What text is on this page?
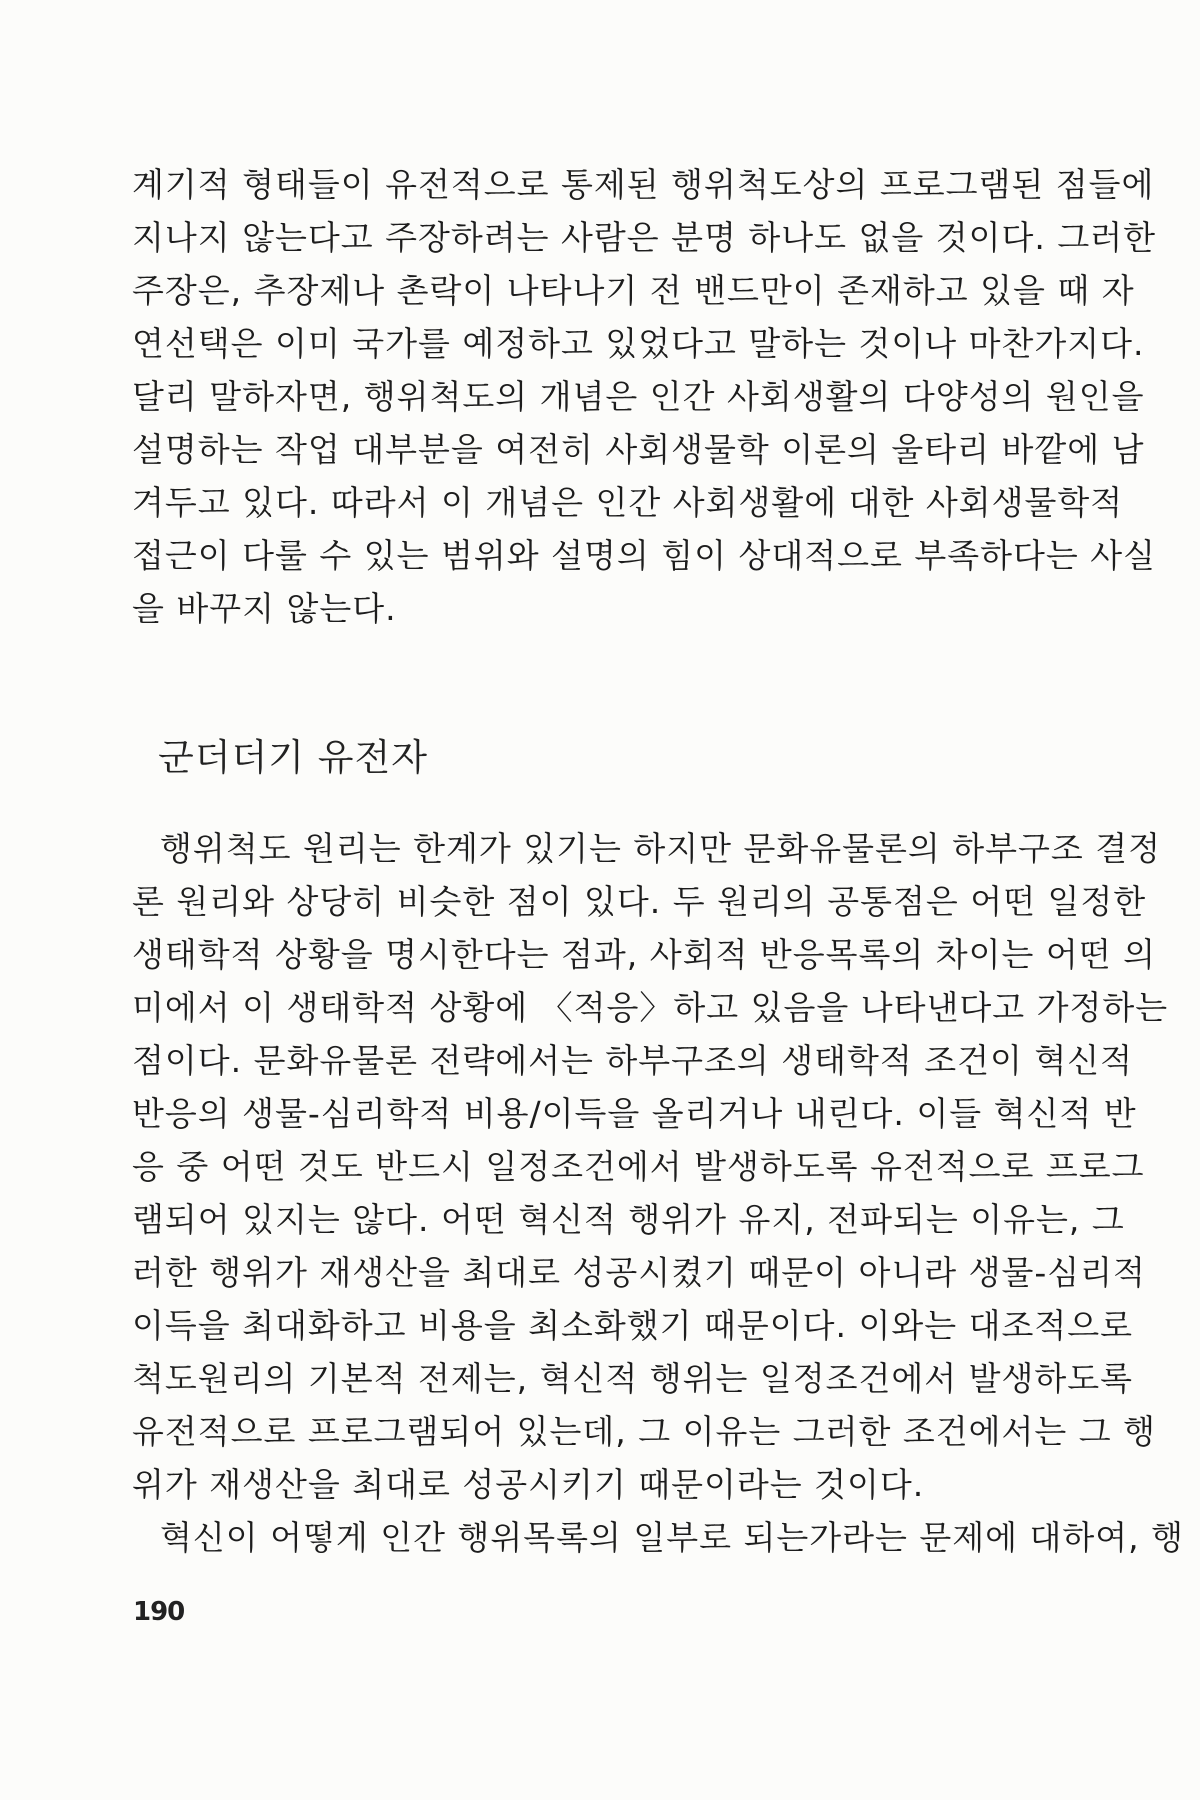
계기적 형태들이 유전적으로 통제된 행위척도상의 프로그램된 점들에
지나지 않는다고 주장하려는 사람은 분명 하나도 없을 것이다. 그러한
주장은, 추장제나 촌락이 나타나기 전 밴드만이 존재하고 있을 때 자
연선택은 이미 국가를 예정하고 있었다고 말하는 것이나 마찬가지다.
달리 말하자면, 행위척도의 개념은 인간 사회생활의 다양성의 원인을
설명하는 작업 대부분을 여전히 사회생물학 이론의 울타리 바깥에 남
겨두고 있다. 따라서 이 개념은 인간 사회생활에 대한 사회생물학적
접근이 다룰 수 있는 범위와 설명의 힘이 상대적으로 부족하다는 사실
을 바꾸지 않는다.
군더더기 유전자
행위척도 원리는 한계가 있기는 하지만 문화유물론의 하부구조 결정
론 원리와 상당히 비슷한 점이 있다. 두 원리의 공통점은 어떤 일정한
생태학적 상황을 명시한다는 점과, 사회적 반응목록의 차이는 어떤 의
미에서 이 생태학적 상황에 〈적응〉하고 있음을 나타낸다고 가정하는
점이다. 문화유물론 전략에서는 하부구조의 생태학적 조건이 혁신적
반응의 생물-심리학적 비용/이득을 올리거나 내린다. 이들 혁신적 반
응 중 어떤 것도 반드시 일정조건에서 발생하도록 유전적으로 프로그
램되어 있지는 않다. 어떤 혁신적 행위가 유지, 전파되는 이유는, 그
러한 행위가 재생산을 최대로 성공시켰기 때문이 아니라 생물-심리적
이득을 최대화하고 비용을 최소화했기 때문이다. 이와는 대조적으로
척도원리의 기본적 전제는, 혁신적 행위는 일정조건에서 발생하도록
유전적으로 프로그램되어 있는데, 그 이유는 그러한 조건에서는 그 행
위가 재생산을 최대로 성공시키기 때문이라는 것이다.
혁신이 어떻게 인간 행위목록의 일부로 되는가라는 문제에 대하여, 행
190
